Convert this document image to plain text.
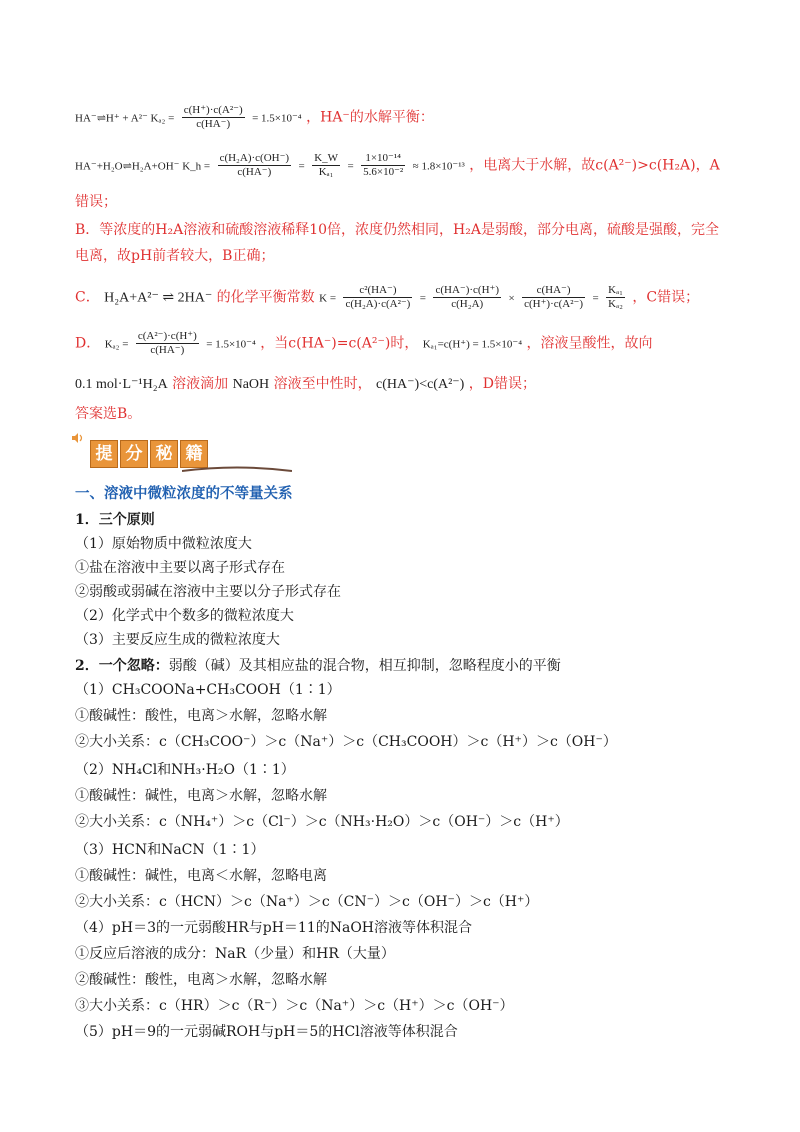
HA⁻⇌H⁺ + A²⁻ $K_{a2} = \frac{\text{c(H⁺)·c(A²⁻)}}{c(HA^-)} = 1.5\times 10^{-4}$ ，HA⁻的水解平衡：
HA⁻+H₂O⇌H₂A+OH⁻ K_h = $\frac{\text{c(H₂A)·c(OH⁻)}}{c(HA^-)} = \frac{K\_W}{\text{Kₐ₁}} = \frac{\text{1×10⁻¹⁴}}{\text{5.6×10⁻²}} \approx 1.8\times 10^{-13}$ ，电离大于水解，故c(A²⁻)>c(H₂A)，A
错误；
B．等浓度的H₂A溶液和硫酸溶液稀释10倍，浓度仍然相同，H₂A是弱酸，部分电离，硫酸是强酸，完全
电离，故pH前者较大，B正确；
C． H₂A+A²⁻ ⇌ 2HA⁻ 的化学平衡常数 $K = \frac{\text{c²(HA⁻)}}{\text{c(H₂A)·c(A²⁻)}} = \frac{c(HA^-)\cdot c(H^+)}{\text{c(H₂A)}} \times \frac{c(HA^-)}{\text{c(H⁺)·c(A²⁻)}} = \frac{\text{Kₐ₁}}{\text{Kₐ₂}}$ ，C错误；
D． $K_{a2} = \frac{\text{c(A²⁻)·c(H⁺)}}{c(HA^-)} = 1.5\times 10^{-4}$ ，当c(HA⁻)=c(A²⁻)时， Kₐ₁=c(H⁺) = 1.5×10⁻⁴ ，溶液呈酸性，故向
0.1 mol·L⁻¹H₂A 溶液滴加 NaOH 溶液至中性时， c(HA⁻)<c(A²⁻) ，D错误；
答案选B。
提 分 秘 籍
一、溶液中微粒浓度的不等量关系
1．三个原则
（1）原始物质中微粒浓度大
①盐在溶液中主要以离子形式存在
②弱酸或弱碱在溶液中主要以分子形式存在
（2）化学式中个数多的微粒浓度大
（3）主要反应生成的微粒浓度大
2．一个忽略：弱酸（碱）及其相应盐的混合物，相互抑制，忽略程度小的平衡
（1）CH₃COONa+CH₃COOH（1∶1）
①酸碱性：酸性，电离＞水解，忽略水解
②大小关系：c（CH₃COO⁻）＞c（Na⁺）＞c（CH₃COOH）＞c（H⁺）＞c（OH⁻）
（2）NH₄Cl和NH₃·H₂O（1∶1）
①酸碱性：碱性，电离＞水解，忽略水解
②大小关系：c（NH₄⁺）＞c（Cl⁻）＞c（NH₃·H₂O）＞c（OH⁻）＞c（H⁺）
（3）HCN和NaCN（1∶1）
①酸碱性：碱性，电离＜水解，忽略电离
②大小关系：c（HCN）＞c（Na⁺）＞c（CN⁻）＞c（OH⁻）＞c（H⁺）
（4）pH＝3的一元弱酸HR与pH＝11的NaOH溶液等体积混合
①反应后溶液的成分：NaR（少量）和HR（大量）
②酸碱性：酸性，电离＞水解，忽略水解
③大小关系：c（HR）＞c（R⁻）＞c（Na⁺）＞c（H⁺）＞c（OH⁻）
（5）pH＝9的一元弱碱ROH与pH＝5的HCl溶液等体积混合
